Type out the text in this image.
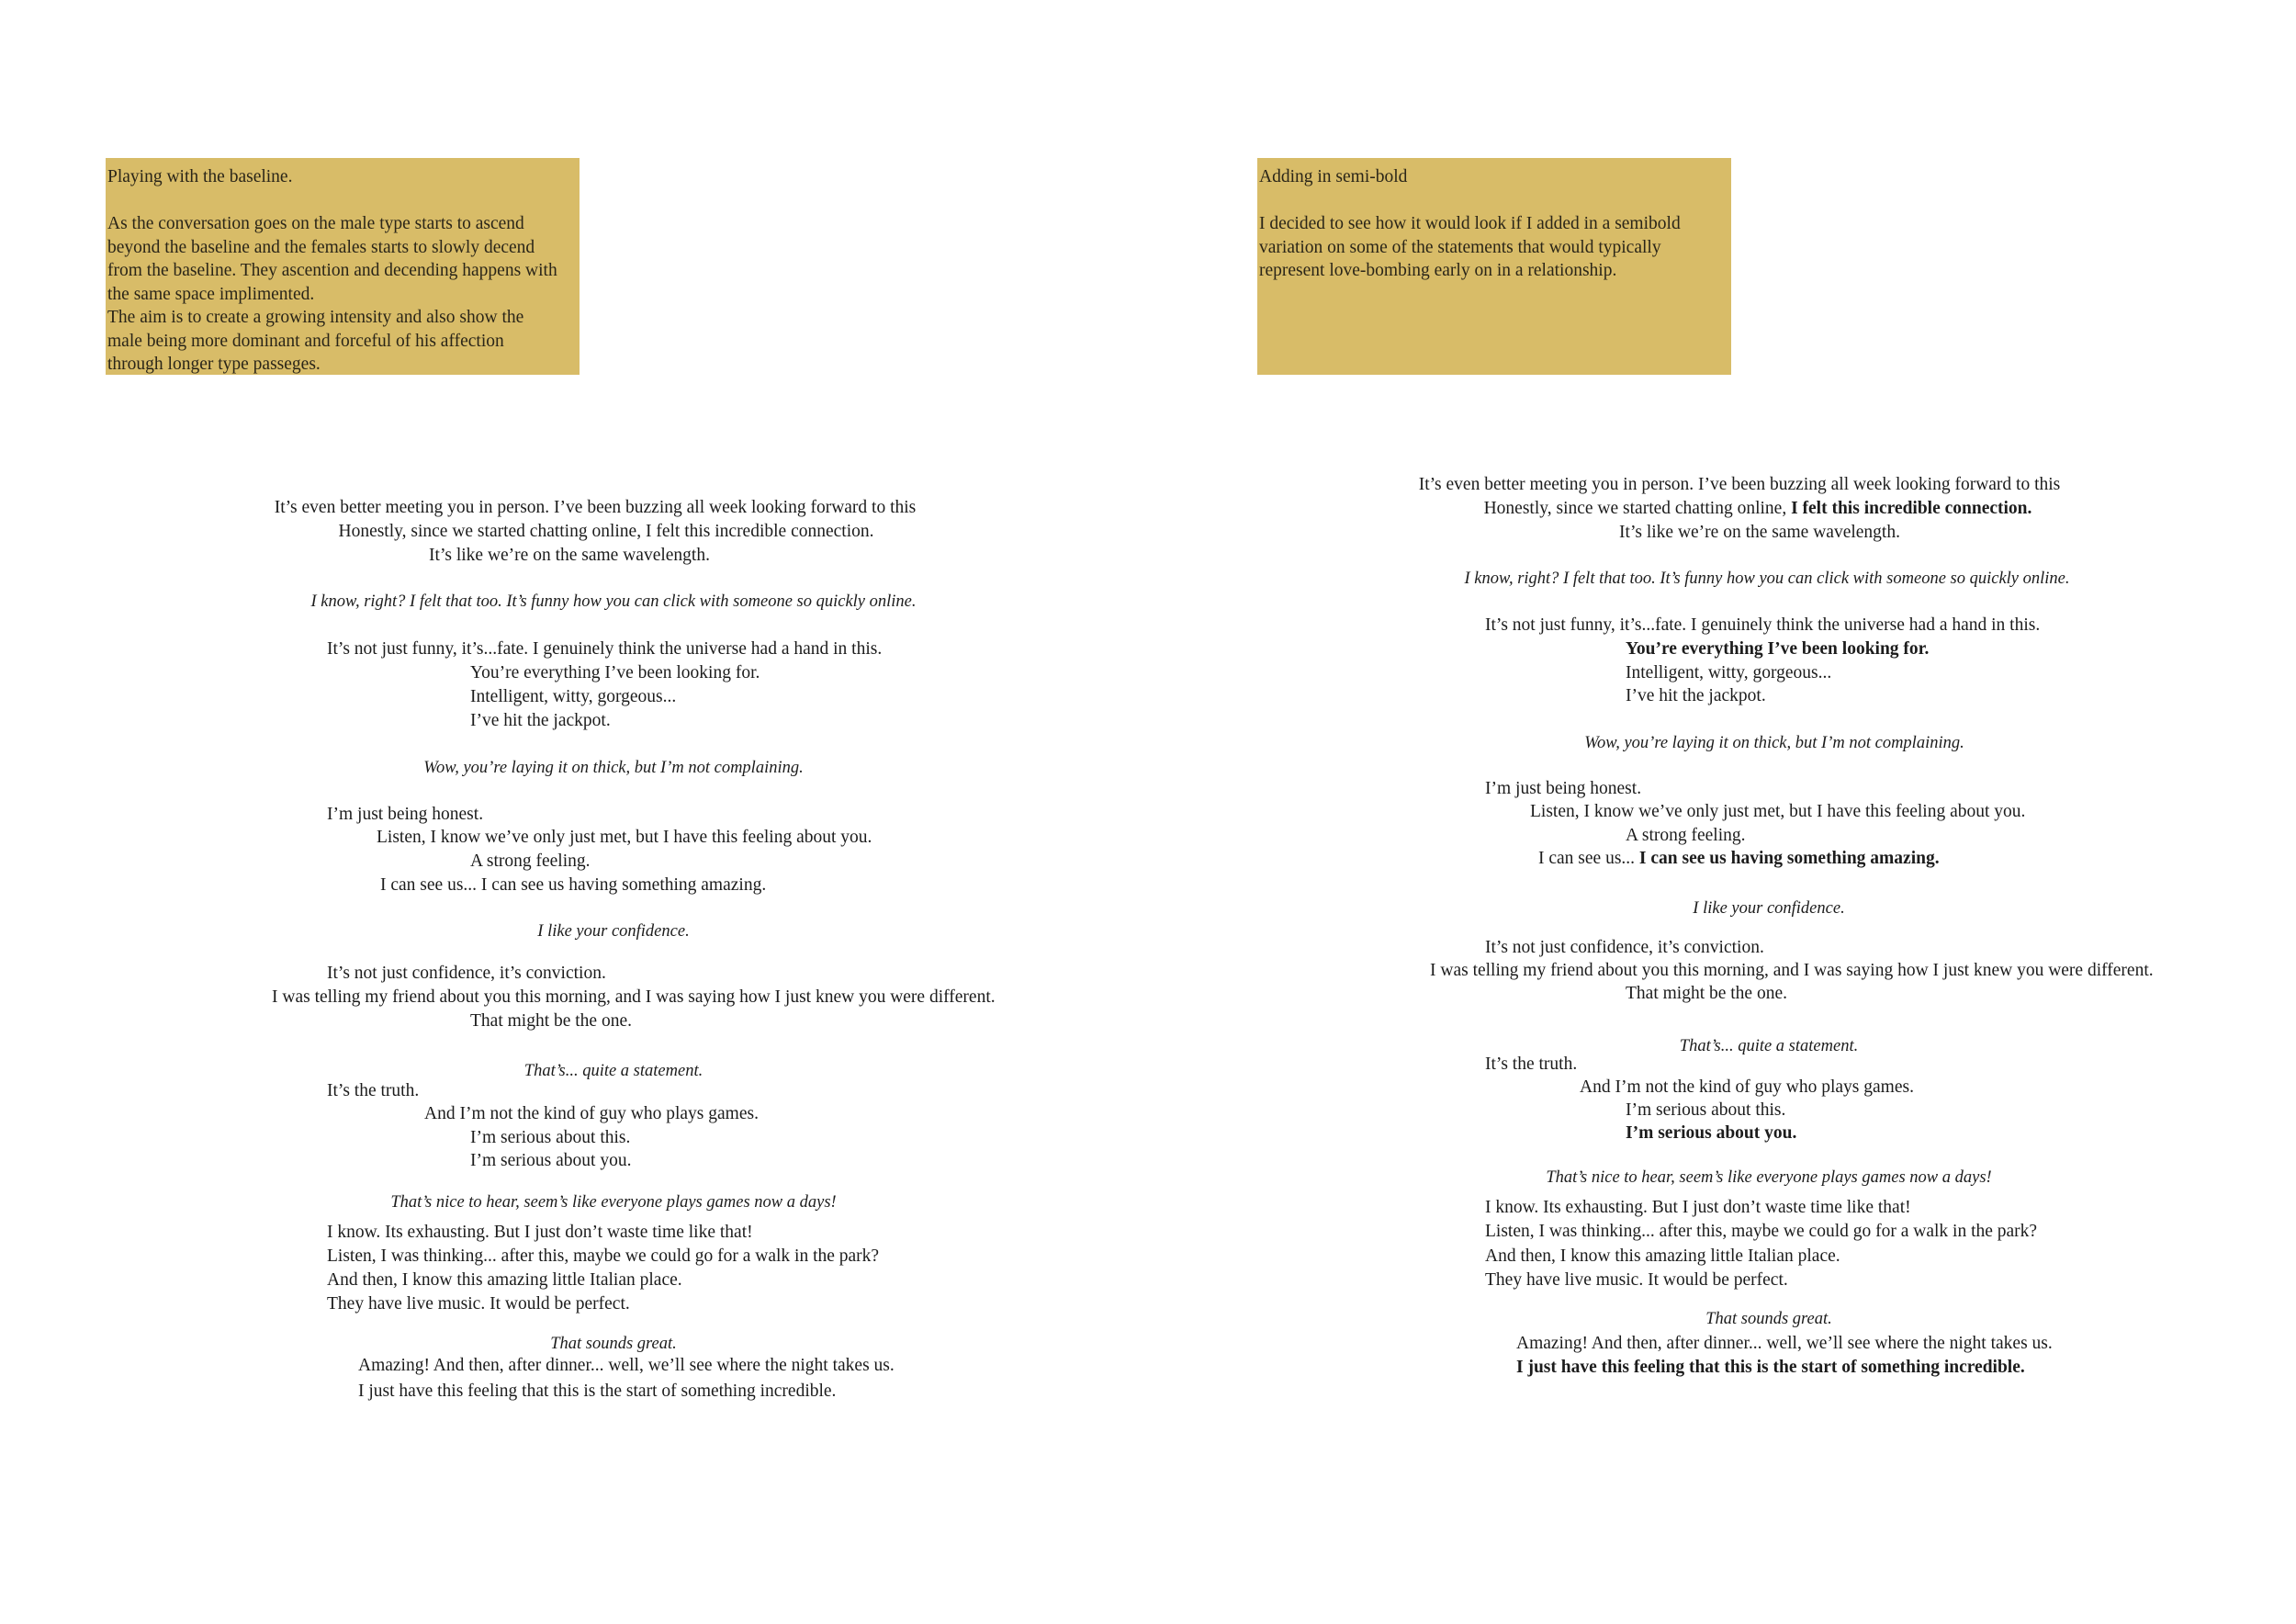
Playing with the baseline.

As the conversation goes on the male type starts to ascend

beyond the baseline and the females starts to slowly decend

from the baseline. They ascention and decending happens with

the same space implimented.

The aim is to create a growing intensity and also show the

male being more dominant and forceful of his affection

through longer type passeges.

Adding in semi-bold

I decided to see how it would look if I added in a semibold

variation on some of the statements that would typically

represent love-bombing early on in a relationship.

It’s even better meeting you in person. I’ve been buzzing all week looking forward to this
Honestly, since we started chatting online, I felt this incredible connection.
It’s like we’re on the same wavelength.
I know, right? I felt that too. It’s funny how you can click with someone so quickly online.
It’s not just funny, it’s...fate. I genuinely think the universe had a hand in this.
You’re everything I’ve been looking for.
Intelligent, witty, gorgeous...
I’ve hit the jackpot.
Wow, you’re laying it on thick, but I’m not complaining.
I’m just being honest.
Listen, I know we’ve only just met, but I have this feeling about you.
A strong feeling.
I can see us... I can see us having something amazing.
I like your confidence.
It’s not just confidence, it’s conviction.
I was telling my friend about you this morning, and I was saying how I just knew you were different.
That might be the one.
That’s... quite a statement.
It’s the truth.
And I’m not the kind of guy who plays games.
I’m serious about this.
I’m serious about you.
That’s nice to hear, seem’s like everyone plays games now a days!
I know. Its exhausting. But I just don’t waste time like that!
Listen, I was thinking... after this, maybe we could go for a walk in the park?
And then, I know this amazing little Italian place.
They have live music. It would be perfect.
That sounds great.
Amazing! And then, after dinner... well, we’ll see where the night takes us.
I just have this feeling that this is the start of something incredible.
It’s even better meeting you in person. I’ve been buzzing all week looking forward to this
Honestly, since we started chatting online, I felt this incredible connection.
It’s like we’re on the same wavelength.
I know, right? I felt that too. It’s funny how you can click with someone so quickly online.
It’s not just funny, it’s...fate. I genuinely think the universe had a hand in this.
You’re everything I’ve been looking for.
Intelligent, witty, gorgeous...
I’ve hit the jackpot.
Wow, you’re laying it on thick, but I’m not complaining.
I’m just being honest.
Listen, I know we’ve only just met, but I have this feeling about you.
A strong feeling.
I can see us... I can see us having something amazing.
I like your confidence.
It’s not just confidence, it’s conviction.
I was telling my friend about you this morning, and I was saying how I just knew you were different.
That might be the one.
That’s... quite a statement.
It’s the truth.
And I’m not the kind of guy who plays games.
I’m serious about this.
I’m serious about you.
That’s nice to hear, seem’s like everyone plays games now a days!
I know. Its exhausting. But I just don’t waste time like that!
Listen, I was thinking... after this, maybe we could go for a walk in the park?
And then, I know this amazing little Italian place.
They have live music. It would be perfect.
That sounds great.
Amazing! And then, after dinner... well, we’ll see where the night takes us.
I just have this feeling that this is the start of something incredible.
